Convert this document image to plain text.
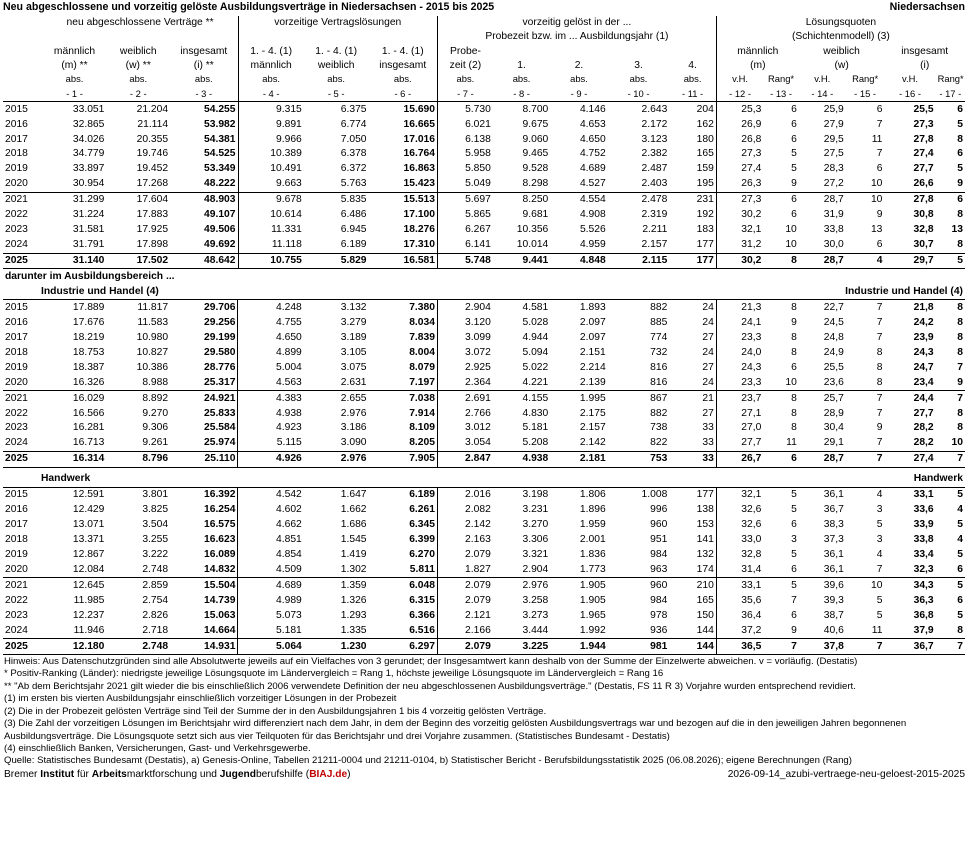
Neu abgeschlossene und vorzeitig gelöste Ausbildungsverträge in Niedersachsen - 2015 bis 2025	Niedersachsen
	neu abgeschlossene Verträge **			vorzeitige Vertragslösungen			vorzeitig gelöst in der ...					Lösungsquoten					
							Probezeit bzw. im ... Ausbildungsjahr (1)					(Schichtenmodell) (3)					
	männlich	weiblich	insgesamt	1. - 4. (1)	1. - 4. (1)	1. - 4. (1)	Probe-					männlich		weiblich		insgesamt	
	(m) **	(w) **	(i) **	männlich	weiblich	insgesamt	zeit (2)	1.	2.	3.	4.	(m)		(w)		(i)	
	abs.	abs.	abs.	abs.	abs.	abs.	abs.	abs.	abs.	abs.	abs.	v.H.	Rang*	v.H.	Rang*	v.H.	Rang*
	- 1 -	- 2 -	- 3 -	- 4 -	- 5 -	- 6 -	- 7 -	- 8 -	- 9 -	- 10 -	- 11 -	- 12 -	- 13 -	- 14 -	- 15 -	- 16 -	- 17 -
2015	33.051	21.204	54.255	9.315	6.375	15.690	5.730	8.700	4.146	2.643	204	25,3	6	25,9	6	25,5	6
2016	32.865	21.114	53.982	9.891	6.774	16.665	6.021	9.675	4.653	2.172	162	26,9	6	27,9	7	27,3	5
2017	34.026	20.355	54.381	9.966	7.050	17.016	6.138	9.060	4.650	3.123	180	26,8	6	29,5	11	27,8	8
2018	34.779	19.746	54.525	10.389	6.378	16.764	5.958	9.465	4.752	2.382	165	27,3	5	27,5	7	27,4	6
2019	33.897	19.452	53.349	10.491	6.372	16.863	5.850	9.528	4.689	2.487	159	27,4	5	28,3	6	27,7	5
2020	30.954	17.268	48.222	9.663	5.763	15.423	5.049	8.298	4.527	2.403	195	26,3	9	27,2	10	26,6	9
2021	31.299	17.604	48.903	9.678	5.835	15.513	5.697	8.250	4.554	2.478	231	27,3	6	28,7	10	27,8	6
2022	31.224	17.883	49.107	10.614	6.486	17.100	5.865	9.681	4.908	2.319	192	30,2	6	31,9	9	30,8	8
2023	31.581	17.925	49.506	11.331	6.945	18.276	6.267	10.356	5.526	2.211	183	32,1	10	33,8	13	32,8	13
2024	31.791	17.898	49.692	11.118	6.189	17.310	6.141	10.014	4.959	2.157	177	31,2	10	30,0	6	30,7	8
2025	31.140	17.502	48.642	10.755	5.829	16.581	5.748	9.441	4.848	2.115	177	30,2	8	28,7	4	29,7	5
darunter im Ausbildungsbereich ...
Industrie und Handel (4)	Industrie und Handel (4)
2015	17.889	11.817	29.706	4.248	3.132	7.380	2.904	4.581	1.893	882	24	21,3	8	22,7	7	21,8	8
2016	17.676	11.583	29.256	4.755	3.279	8.034	3.120	5.028	2.097	885	24	24,1	9	24,5	7	24,2	8
2017	18.219	10.980	29.199	4.650	3.189	7.839	3.099	4.944	2.097	774	27	23,3	8	24,8	7	23,9	8
2018	18.753	10.827	29.580	4.899	3.105	8.004	3.072	5.094	2.151	732	24	24,0	8	24,9	8	24,3	8
2019	18.387	10.386	28.776	5.004	3.075	8.079	2.925	5.022	2.214	816	27	24,3	6	25,5	8	24,7	7
2020	16.326	8.988	25.317	4.563	2.631	7.197	2.364	4.221	2.139	816	24	23,3	10	23,6	8	23,4	9
2021	16.029	8.892	24.921	4.383	2.655	7.038	2.691	4.155	1.995	867	21	23,7	8	25,7	7	24,4	7
2022	16.566	9.270	25.833	4.938	2.976	7.914	2.766	4.830	2.175	882	27	27,1	8	28,9	7	27,7	8
2023	16.281	9.306	25.584	4.923	3.186	8.109	3.012	5.181	2.157	738	33	27,0	8	30,4	9	28,2	8
2024	16.713	9.261	25.974	5.115	3.090	8.205	3.054	5.208	2.142	822	33	27,7	11	29,1	7	28,2	10
2025	16.314	8.796	25.110	4.926	2.976	7.905	2.847	4.938	2.181	753	33	26,7	6	28,7	7	27,4	7
Handwerk	Handwerk
2015	12.591	3.801	16.392	4.542	1.647	6.189	2.016	3.198	1.806	1.008	177	32,1	5	36,1	4	33,1	5
2016	12.429	3.825	16.254	4.602	1.662	6.261	2.082	3.231	1.896	996	138	32,6	5	36,7	3	33,6	4
2017	13.071	3.504	16.575	4.662	1.686	6.345	2.142	3.270	1.959	960	153	32,6	6	38,3	5	33,9	5
2018	13.371	3.255	16.623	4.851	1.545	6.399	2.163	3.306	2.001	951	141	33,0	3	37,3	3	33,8	4
2019	12.867	3.222	16.089	4.854	1.419	6.270	2.079	3.321	1.836	984	132	32,8	5	36,1	4	33,4	5
2020	12.084	2.748	14.832	4.509	1.302	5.811	1.827	2.904	1.773	963	174	31,4	6	36,1	7	32,3	6
2021	12.645	2.859	15.504	4.689	1.359	6.048	2.079	2.976	1.905	960	210	33,1	5	39,6	10	34,3	5
2022	11.985	2.754	14.739	4.989	1.326	6.315	2.079	3.258	1.905	984	165	35,6	7	39,3	5	36,3	6
2023	12.237	2.826	15.063	5.073	1.293	6.366	2.121	3.273	1.965	978	150	36,4	6	38,7	5	36,8	5
2024	11.946	2.718	14.664	5.181	1.335	6.516	2.166	3.444	1.992	936	144	37,2	9	40,6	11	37,9	8
2025	12.180	2.748	14.931	5.064	1.230	6.297	2.079	3.225	1.944	981	144	36,5	7	37,8	7	36,7	7
Hinweis: Aus Datenschutzgründen sind alle Absolutwerte jeweils auf ein Vielfaches von 3 gerundet; der Insgesamtwert kann deshalb von der Summe der Einzelwerte abweichen. v = vorläufig. (Destatis)
* Positiv-Ranking (Länder): niedrigste jeweilige Lösungsquote im Ländervergleich = Rang 1, höchste jeweilige Lösungsquote im Ländervergleich = Rang 16
** "Ab dem Berichtsjahr 2021 gilt wieder die bis einschließlich 2006 verwendete Definition der neu abgeschlossenen Ausbildungsverträge." (Destatis, FS 11 R 3) Vorjahre wurden entsprechend revidiert.
(1) im ersten bis vierten Ausbildungsjahr einschließlich vorzeitiger Lösungen in der Probezeit
(2) Die in der Probezeit gelösten Verträge sind Teil der Summe der in den Ausbildungsjahren 1 bis 4 vorzeitig gelösten Verträge.
(3) Die Zahl der vorzeitigen Lösungen im Berichtsjahr wird differenziert nach dem Jahr, in dem der Beginn des vorzeitig gelösten Ausbildungsvertrags war und bezogen auf die in den jeweiligen Jahren begonnenen Ausbildungsverträge. Die Lösungsquote setzt sich aus vier Teilquoten für das Berichtsjahr und drei Vorjahre zusammen. (Statistisches Bundesamt - Destatis)
(4) einschließlich Banken, Versicherungen, Gast- und Verkehrsgewerbe.
Quelle: Statistisches Bundesamt (Destatis), a) Genesis-Online, Tabellen 21211-0004 und 21211-0104, b) Statistischer Bericht - Berufsbildungsstatistik 2025 (06.08.2026); eigene Berechnungen (Rang)
Bremer Institut für Arbeitsmarktforschung und Jugendberufshilfe (BIAJ.de)	2026-09-14_azubi-vertraege-neu-geloest-2015-2025
